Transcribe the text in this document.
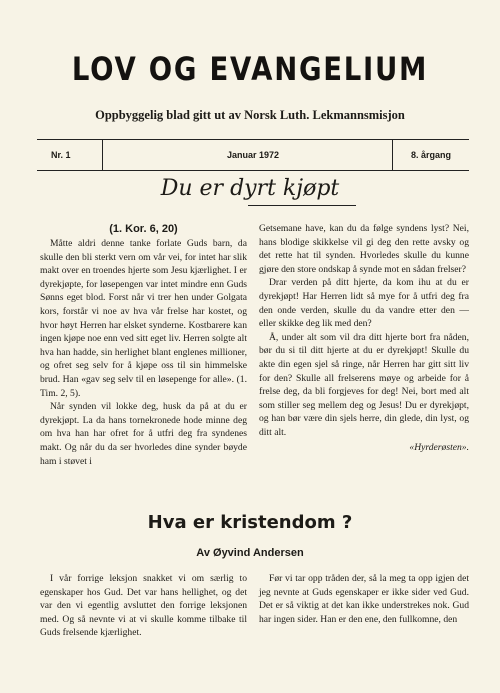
LOV OG EVANGELIUM
Oppbyggelig blad gitt ut av Norsk Luth. Lekmannsmisjon
Nr. 1	Januar 1972	8. årgang
Du er dyrt kjøpt
(1. Kor. 6, 20)

Måtte aldri denne tanke forlate Guds barn, da skulle den bli sterkt vern om vår vei, for intet har slik makt over en troendes hjerte som Jesu kjærlighet. I er dyrekjøpte, for løsepengen var intet mindre enn Guds Sønns eget blod. Forst når vi trer hen under Golgata kors, forstår vi noe av hva vår frelse har kostet, og hvor høyt Herren har elsket synderne. Kostbarere kan ingen kjøpe noe enn ved sitt eget liv. Herren solgte alt hva han hadde, sin herlighet blant englenes millioner, og ofret seg selv for å kjøpe oss til sin himmelske brud. Han «gav seg selv til en løsepenge for alle». (1. Tim. 2, 5).

Når synden vil lokke deg, husk da på at du er dyrekjøpt. La da hans tornekronede hode minne deg om hva han har ofret for å utfri deg fra syndenes makt. Og når du da ser hvorledes dine synder bøyde ham i støvet i

Getsemane have, kan du da følge syndens lyst? Nei, hans blodige skikkelse vil gi deg den rette avsky og det rette hat til synden. Hvorledes skulle du kunne gjøre den store ondskap å synde mot en sådan frelser?

Drar verden på ditt hjerte, da kom ihu at du er dyrekjøpt! Har Herren lidt så mye for å utfri deg fra den onde verden, skulle du da vandre etter den — eller skikke deg lik med den?

Å, under alt som vil dra ditt hjerte bort fra nåden, bør du si til ditt hjerte at du er dyrekjøpt! Skulle du akte din egen sjel så ringe, når Herren har gitt sitt liv for den? Skulle all frelserens møye og arbeide for å frelse deg, da bli forgjeves for deg! Nei, bort med alt som stiller seg mellem deg og Jesus! Du er dyrekjøpt, og han bør være din sjels herre, din glede, din lyst, og ditt alt.

«Hyrderøsten».
Hva er kristendom ?
Av Øyvind Andersen

I vår forrige leksjon snakket vi om særlig to egenskaper hos Gud. Det var hans hellighet, og det var den vi egentlig avsluttet den forrige leksjonen med. Og så nevnte vi at vi skulle komme tilbake til Guds frelsende kjærlighet.

Før vi tar opp tråden der, så la meg ta opp igjen det jeg nevnte at Guds egenskaper er ikke sider ved Gud. Det er så viktig at det kan ikke understrekes nok. Gud har ingen sider. Han er den ene, den fullkomne, den
